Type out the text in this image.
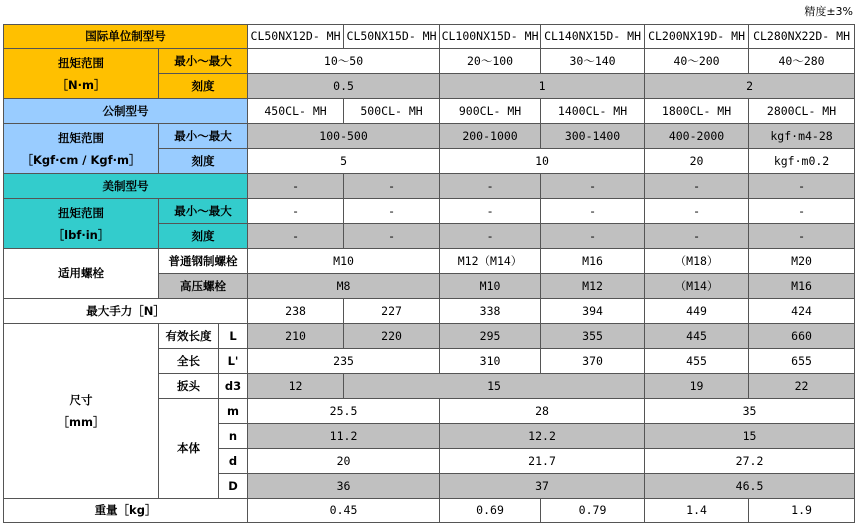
精度±3%
国际单位制型号			CL50NX12D- MH	CL50NX15D- MH	CL100NX15D- MH	CL140NX15D- MH	CL200NX19D- MH	CL280NX22D- MH

扭矩范围
［N·m］	最小～最大		10～50		20～100	30～140	40～200	40～280
	刻度		0.5		1		2	
公制型号			450CL- MH	500CL- MH	900CL- MH	1400CL- MH	1800CL- MH	2800CL- MH

扭矩范围
［Kgf·cm / Kgf·m］	最小～最大		100-500		200-1000	300-1400	400-2000	kgf·m4-28
	刻度		5		10		20	kgf·m0.2
美制型号			-	-	-	-	-	-

扭矩范围
［lbf·in］	最小～最大		-	-	-	-	-	-
	刻度		-	-	-	-	-	-
适用螺栓	普通钢制螺栓		M10		M12（M14）	M16	（M18）	M20
	高压螺栓		M8		M10	M12	（M14）	M16
最大手力［N］			238	227	338	394	449	424

尺寸
［mm］	有效长度	L	210	220	295	355	445	660
	全长	L'	235		310	370	455	655
	扳头	d3	12	15			19	22
	本体	m	25.5		28		35	
		n	11.2		12.2		15	
		d	20		21.7		27.2	
		D	36		37		46.5	
重量［kg］			0.45		0.69	0.79	1.4	1.9
